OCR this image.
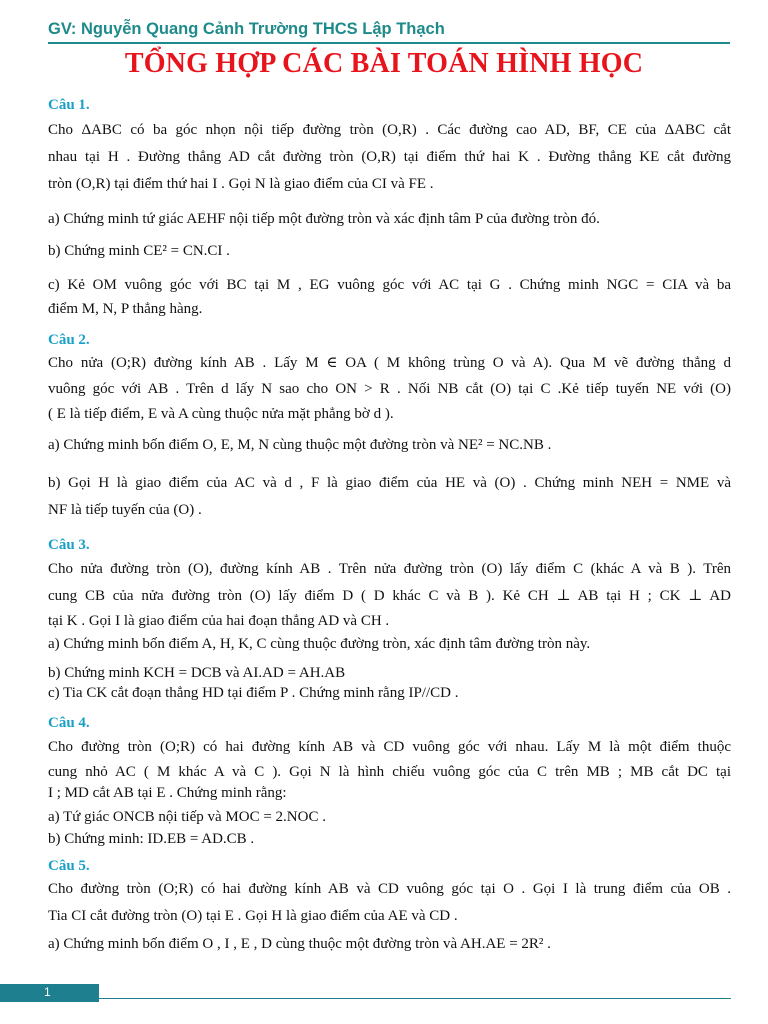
GV: Nguyễn Quang Cảnh Trường THCS Lập Thạch
TỔNG HỢP CÁC BÀI TOÁN HÌNH HỌC
Câu 1.
Cho ΔABC có ba góc nhọn nội tiếp đường tròn (O,R) . Các đường cao AD, BF, CE của ΔABC cắt
nhau tại H . Đường thẳng AD cắt đường tròn (O,R) tại điểm thứ hai K . Đường thẳng KE cắt đường
tròn (O,R) tại điểm thứ hai I . Gọi N là giao điểm của CI và FE .
a) Chứng minh tứ giác AEHF nội tiếp một đường tròn và xác định tâm P của đường tròn đó.
b) Chứng minh CE² = CN.CI .
c) Kẻ OM vuông góc với BC tại M , EG vuông góc với AC tại G . Chứng minh NGC = CIA và ba
điểm M, N, P thẳng hàng.
Câu 2.
Cho nửa (O;R) đường kính AB . Lấy M ∈ OA ( M không trùng O và A). Qua M vẽ đường thẳng d
vuông góc với AB . Trên d lấy N sao cho ON > R . Nối NB cắt (O) tại C .Kẻ tiếp tuyến NE với (O)
( E là tiếp điểm, E và A cùng thuộc nửa mặt phẳng bờ d ).
a) Chứng minh bốn điểm O, E, M, N cùng thuộc một đường tròn và NE² = NC.NB .
b) Gọi H là giao điểm của AC và d , F là giao điểm của HE và (O) . Chứng minh NEH = NME và
NF là tiếp tuyến của (O) .
Câu 3.
Cho nửa đường tròn (O), đường kính AB . Trên nửa đường tròn (O) lấy điểm C (khác A và B ). Trên
cung CB của nửa đường tròn (O) lấy điểm D ( D khác C và B ). Kẻ CH ⊥ AB tại H ; CK ⊥ AD
tại K . Gọi I là giao điểm của hai đoạn thẳng AD và CH .
a) Chứng minh bốn điểm A, H, K, C cùng thuộc đường tròn, xác định tâm đường tròn này.
b) Chứng minh KCH = DCB và AI.AD = AH.AB
c) Tia CK cắt đoạn thẳng HD tại điểm P . Chứng minh rằng IP//CD .
Câu 4.
Cho đường tròn (O;R) có hai đường kính AB và CD vuông góc với nhau. Lấy M là một điểm thuộc
cung nhỏ AC ( M khác A và C ). Gọi N là hình chiếu vuông góc của C trên MB ; MB cắt DC tại
I ; MD cắt AB tại E . Chứng minh rằng:
a) Tứ giác ONCB nội tiếp và MOC = 2.NOC .
b) Chứng minh: ID.EB = AD.CB .
Câu 5.
Cho đường tròn (O;R) có hai đường kính AB và CD vuông góc tại O . Gọi I là trung điểm của OB .
Tia CI cắt đường tròn (O) tại E . Gọi H là giao điểm của AE và CD .
a) Chứng minh bốn điểm O , I , E , D cùng thuộc một đường tròn và AH.AE = 2R² .
1
